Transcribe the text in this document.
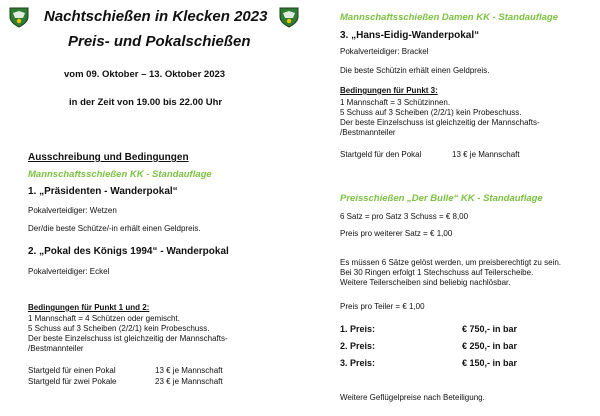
Nachtschießen in Klecken 2023
Preis- und Pokalschießen
vom 09. Oktober – 13. Oktober 2023
in der Zeit von 19.00 bis 22.00 Uhr
Ausschreibung und Bedingungen
Mannschaftsschießen KK - Standauflage
1. „Präsidenten - Wanderpokal“
Pokalverteidiger: Wetzen
Der/die beste Schütze/-in erhält einen Geldpreis.
2. „Pokal des Königs 1994“ - Wanderpokal
Pokalverteidiger: Eckel
Bedingungen für Punkt 1 und 2:
1 Mannschaft = 4 Schützen oder gemischt.
5 Schuss auf 3 Scheiben (2/2/1) kein Probeschuss.
Der beste Einzelschuss ist gleichzeitig der Mannschafts-
/Bestmannteiler
Startgeld für einen Pokal	13 € je Mannschaft
Startgeld für zwei Pokale	23 € je Mannschaft
Mannschaftsschießen Damen KK - Standauflage
3. „Hans-Eidig-Wanderpokal“
Pokalverteidiger: Brackel
Die beste Schützin erhält einen Geldpreis.
Bedingungen für Punkt 3:
1 Mannschaft = 3 Schützinnen.
5 Schuss auf 3 Scheiben (2/2/1) kein Probeschuss.
Der beste Einzelschuss ist gleichzeitig der Mannschafts-
/Bestmannteiler
Startgeld für den Pokal	13 € je Mannschaft
Preisschießen „Der Bulle“ KK - Standauflage
6 Satz = pro Satz 3 Schuss = € 8,00
Preis pro weiterer Satz = € 1,00
Es müssen 6 Sätze gelöst werden, um preisberechtigt zu sein.
Bei 30 Ringen erfolgt 1 Stechschuss auf Teilerscheibe.
Weitere Teilerscheiben sind beliebig nachlösbar.
Preis pro Teiler = € 1,00
1. Preis:	€ 750,- in bar
2. Preis:	€ 250,- in bar
3. Preis:	€ 150,- in bar
Weitere Geflügelpreise nach Beteiligung.
